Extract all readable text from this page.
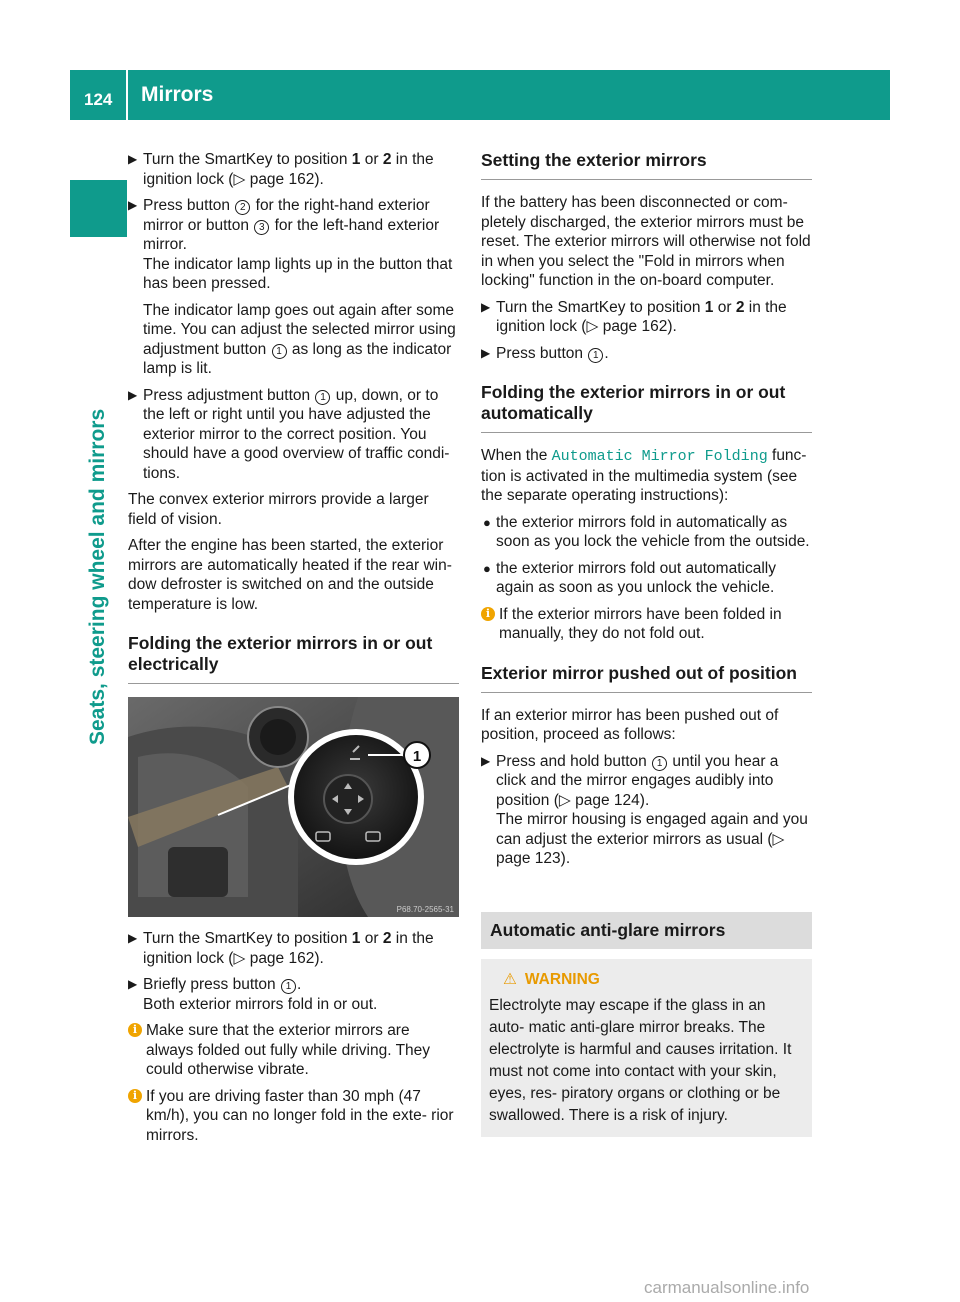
124 Mirrors
Seats, steering wheel and mirrors
▶ Turn the SmartKey to position 1 or 2 in the ignition lock (▷ page 162).
▶ Press button 2 for the right-hand exterior mirror or button 3 for the left-hand exterior mirror.
The indicator lamp lights up in the button that has been pressed.
The indicator lamp goes out again after some time. You can adjust the selected mirror using adjustment button 1 as long as the indicator lamp is lit.
▶ Press adjustment button 1 up, down, or to the left or right until you have adjusted the exterior mirror to the correct position. You should have a good overview of traffic condi- tions.

The convex exterior mirrors provide a larger field of vision.

After the engine has been started, the exterior mirrors are automatically heated if the rear win- dow defroster is switched on and the outside temperature is low.

Folding the exterior mirrors in or out electrically
1
P68.70-2565-31
▶ Turn the SmartKey to position 1 or 2 in the ignition lock (▷ page 162).
▶ Briefly press button 1 .
Both exterior mirrors fold in or out.
i Make sure that the exterior mirrors are always folded out fully while driving. They could otherwise vibrate.
i If you are driving faster than 30 mph (47 km/h), you can no longer fold in the exte- rior mirrors.
Setting the exterior mirrors

If the battery has been disconnected or com- pletely discharged, the exterior mirrors must be reset. The exterior mirrors will otherwise not fold in when you select the "Fold in mirrors when locking" function in the on-board computer.

▶ Turn the SmartKey to position 1 or 2 in the ignition lock (▷ page 162).
▶ Press button 1 .
Folding the exterior mirrors in or out automatically

When the Automatic Mirror Folding func- tion is activated in the multimedia system (see the separate operating instructions):

● the exterior mirrors fold in automatically as soon as you lock the vehicle from the outside.
● the exterior mirrors fold out automatically again as soon as you unlock the vehicle.
i If the exterior mirrors have been folded in manually, they do not fold out.
Exterior mirror pushed out of position

If an exterior mirror has been pushed out of position, proceed as follows:

▶ Press and hold button 1 until you hear a click and the mirror engages audibly into position (▷ page 124).
The mirror housing is engaged again and you can adjust the exterior mirrors as usual (▷ page 123).
Automatic anti-glare mirrors
⚠ WARNING
Electrolyte may escape if the glass in an auto- matic anti-glare mirror breaks. The electrolyte is harmful and causes irritation. It must not come into contact with your skin, eyes, res- piratory organs or clothing or be swallowed. There is a risk of injury.
carmanualsonline.info
